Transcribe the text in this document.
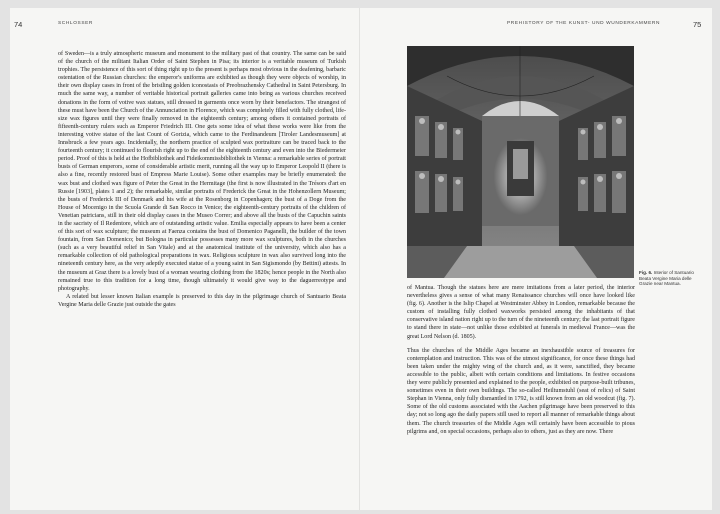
74	SCHLOSSER

of Sweden—is a truly atmospheric museum and monument to the military past of that country. The same can be said of the church of the militant Italian Order of Saint Stephen in Pisa; its interior is a veritable museum of Turkish trophies. The persistence of this sort of thing right up to the present is perhaps most obvious in the deafening, barbaric ostentation of the Russian churches: the emperor's uniforms are exhibited as though they were objects of worship, in their own display cases in front of the bristling golden iconostasis of Preobrazhensky Cathedral in Saint Petersburg. In much the same way, a number of veritable historical portrait galleries came into being as various churches received donations in the form of votive wax statues, still dressed in garments once worn by their benefactors. The strangest of these must have been the Church of the Annunciation in Florence, which was completely filled with fully clothed, life-size wax figures until they were finally removed in the eighteenth century; among others it contained portraits of fifteenth-century rulers such as Emperor Friedrich III. One gets some idea of what these works were like from the interesting votive statue of the last Count of Gorizia, which came to the Ferdinandeum [Tiroler Landesmuseum] at Innsbruck a few years ago. Incidentally, the northern practice of sculpted wax portraiture can be traced back to the fourteenth century; it continued to flourish right up to the end of the eighteenth century and even into the Biedermeier period. Proof of this is held at the Hofbibliothek and Fideikommissbibliothek in Vienna: a remarkable series of portrait busts of German emperors, some of considerable artistic merit, running all the way up to Emperor Leopold II (there is also a fine, recently restored bust of Empress Marie Louise). Some other examples may be briefly enumerated: the wax bust and clothed wax figure of Peter the Great in the Hermitage (the first is now illustrated in the Trésors d'art en Russie [1903], plates 1 and 2); the remarkable, similar portraits of Frederick the Great in the Hohenzollern Museum; the busts of Frederick III of Denmark and his wife at the Rosenborg in Copenhagen; the bust of a Doge from the House of Mocenigo in the Scuola Grande di San Rocco in Venice; the eighteenth-century portraits of the children of Venetian patricians, still in their old display cases in the Museo Correr; and above all the busts of the Capuchin saints in the sacristy of Il Redentore, which are of outstanding artistic value. Emilia especially appears to have been a center of this sort of wax sculpture; the museum at Faenza contains the bust of Domenico Paganelli, the builder of the town fountain, from San Domenico; but Bologna in particular possesses many more wax sculptures, both in the churches (such as a very beautiful relief in San Vitale) and at the anatomical institute of the university, which also has a remarkable collection of old pathological preparations in wax. Religious sculpture in wax also survived long into the nineteenth century here, as the very adeptly executed statue of a young saint in San Sigismondo (by Bettini) attests. In the museum at Graz there is a lovely bust of a woman wearing clothing from the 1820s; hence people in the North also remained true to this tradition for a long time, though ultimately it would give way to the daguerreotype and photography.

A related but lesser known Italian example is preserved to this day in the pilgrimage church of Santuario Beata Vergine Maria delle Grazie just outside the gates

PREHISTORY OF THE KUNST- UND WUNDERKAMMERN	75
Fig. 6. Interior of Santuario Beata Vergine Maria delle Grazie near Mantua.

of Mantua. Though the statues here are mere imitations from a later period, the interior nevertheless gives a sense of what many Renaissance churches will once have looked like (fig. 6). Another is the Islip Chapel at Westminster Abbey in London, remarkable because the custom of installing fully clothed waxworks persisted among the inhabitants of that conservative island nation right up to the turn of the nineteenth century; the last portrait figure to stand there in state—not unlike those exhibited at funerals in medieval France—was the great Lord Nelson (d. 1805).

Thus the churches of the Middle Ages became an inexhaustible source of treasures for contemplation and instruction. This was of the utmost significance, for once these things had been taken under the mighty wing of the church and, as it were, sanctified, they became accessible to the public, albeit with certain conditions and limitations. In festive occasions they were publicly presented and explained to the people, exhibited on purpose-built tribunes, sometimes even in their own buildings. The so-called Heiltumstuhl (seat of relics) of Saint Stephan in Vienna, only fully dismantled in 1792, is still known from an old woodcut (fig. 7). Some of the old customs associated with the Aachen pilgrimage have been preserved to this day; not so long ago the daily papers still used to report all manner of remarkable things about them. The church treasuries of the Middle Ages will certainly have been accessible to pious pilgrims and, on special occasions, perhaps also to others, just as they are now. There
